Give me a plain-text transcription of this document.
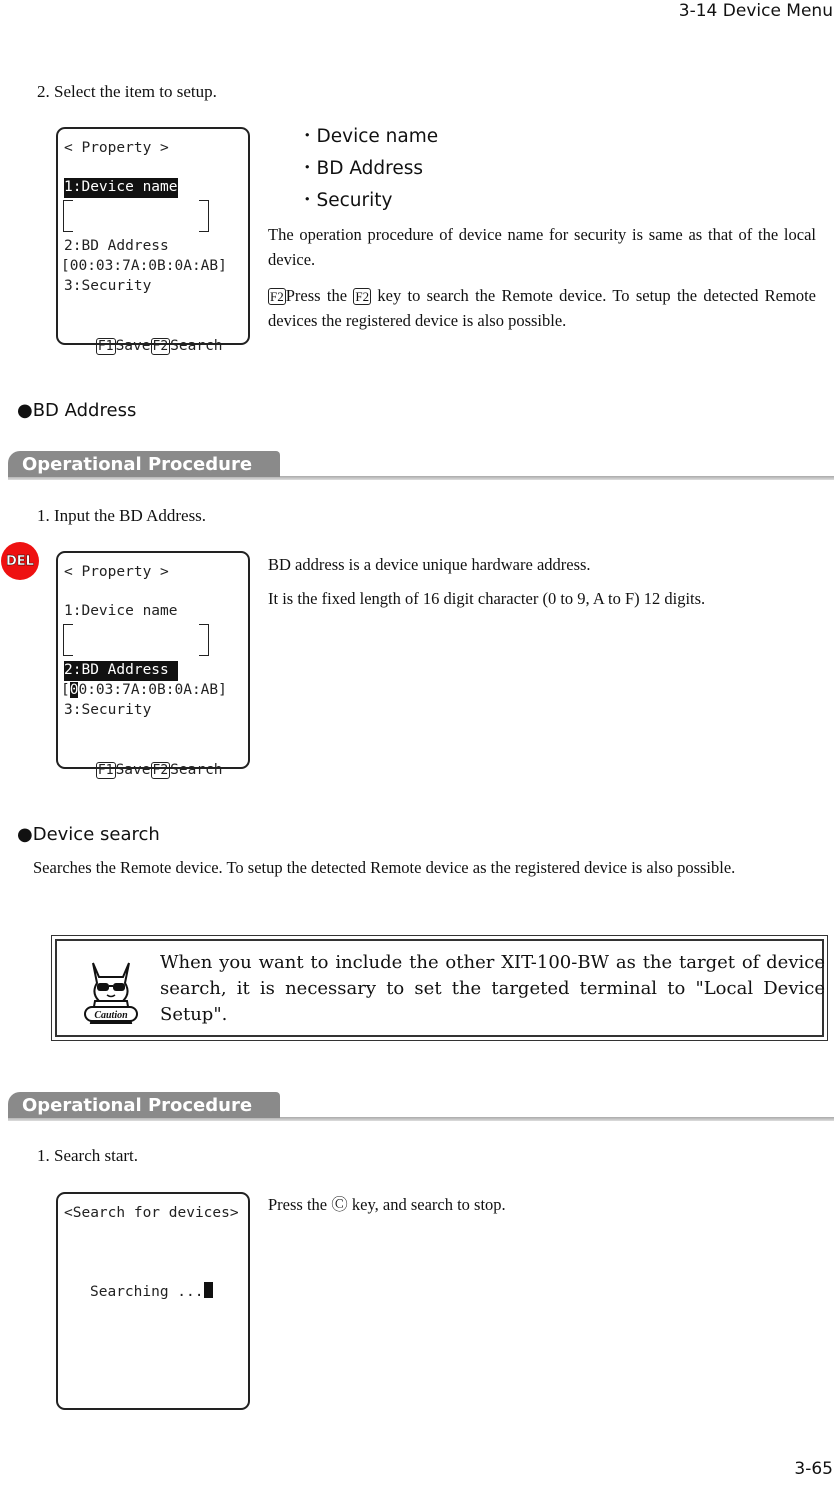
3-14 Device Menu
2. Select the item to setup.
< Property >
1:Device name
2:BD Address
[00:03:7A:0B:0A:AB]
3:Security

F1 Save F2 Search

・Device name
・BD Address
・Security
The operation procedure of device name for security is same as that of the local device.
F2 Press the F2 key to search the Remote device. To setup the detected Remote devices the registered device is also possible.
●BD Address
Operational Procedure
1. Input the BD Address.
DEL
< Property >
1:Device name
2:BD Address
[00:03:7A:0B:0A:AB]
3:Security

F1 Save F2 Search

BD address is a device unique hardware address.
It is the fixed length of 16 digit character (0 to 9, A to F) 12 digits.
●Device search
Searches the Remote device. To setup the detected Remote device as the registered device is also possible.
Caution
When you want to include the other XIT-100-BW as the target of device search, it is necessary to set the targeted terminal to "Local Device Setup".
Operational Procedure
1. Search start.
<Search for devices>
Searching ...
Press the Ⓒ key, and search to stop.
3-65
